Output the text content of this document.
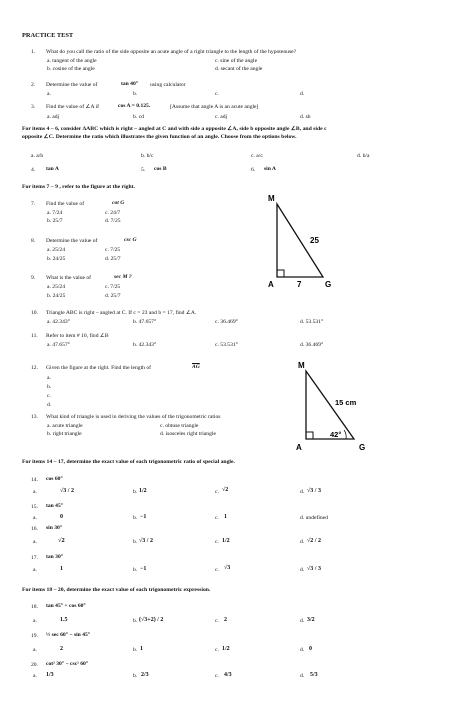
PRACTICE TEST
1. What do you call the ratio of the side opposite an acute angle of a right triangle to the length of the hypotenuse?
a. tangent of the angle	c. sine of the angle
b. cosine of the angle	d. secant of the angle
2. Determine the value of	tan 40° using calculator
a.	b.	c.	d.
3. Find the value of ∠A if	cos A = 0.125.	[Assume that angle A is an acute angle]
a. adj	b. cd	c. adj	d. sh
For items 4 – 6, consider ΔABC which is right – angled at C and with side a opposite ∠A, side b opposite angle ∠B, and side c
opposite ∠C. Determine the ratio which illustrates the given function of an angle. Choose from the options below.
a. a/b	b. b/c	c. a/c	d. b/a
4. tan A	5. cos B	6. sin A
For items 7 – 9 , refer to the figure at the right.
7. Find the value of	cot G
a. 7/24	c. 24/7
b. 25/7	d. 7/25
8. Determine the value of	csc G
a. 25/24	c. 7/25
b. 24/25	d. 25/7
9. What is the value of	sec M ?
a. 25/24	c. 7/25
b. 24/25	d. 25/7
M
A	G
25
7
10. Triangle ABC is right – angled at C. If c = 23 and b = 17, find ∠A.
a. 42.343°	b. 47.657°	c. 36.469°	d. 53.531°
11. Refer to item # 10, find ∠B
a. 47.657°	b. 42.343°	c. 53.531°	d. 36.469°
12. Given the figure at the right. Find the length of	$\overline{AG}$
a.
b.
c.
d.
M
A	G
15 cm
42°
13. What kind of triangle is used in deriving the values of the trigonometric ratios
a. acute triangle	c. obtuse triangle
b. right triangle	d. isosceles right triangle
For items 14 – 17, determine the exact value of each trigonometric ratio of special angle.
14. cos 60°
a.	√3 / 2	b. 1/2	c. √2	d. √3 / 3
15. tan 45°
a.	0	b. −1	c. 1	d. undefined
16. sin 30°
a.	√2	b. √3 / 2	c. 1/2	d. √2 / 2
17. tan 30°
a.	1	b. −1	c. √3	d. √3 / 3
For items 18 – 20, determine the exact value of each trigonometric expression.
18. tan 45° + cos 60°
a.	1.5	b. (√3+2) / 2	c. 2	d. 3/2
19. ½ sec 60° − sin 45°
a.	2	b. 1	c. 1/2	d. 0
20. cot² 30° − csc² 60°
a. 1/3	b. 2/3	c. 4/3	d. 5/3
